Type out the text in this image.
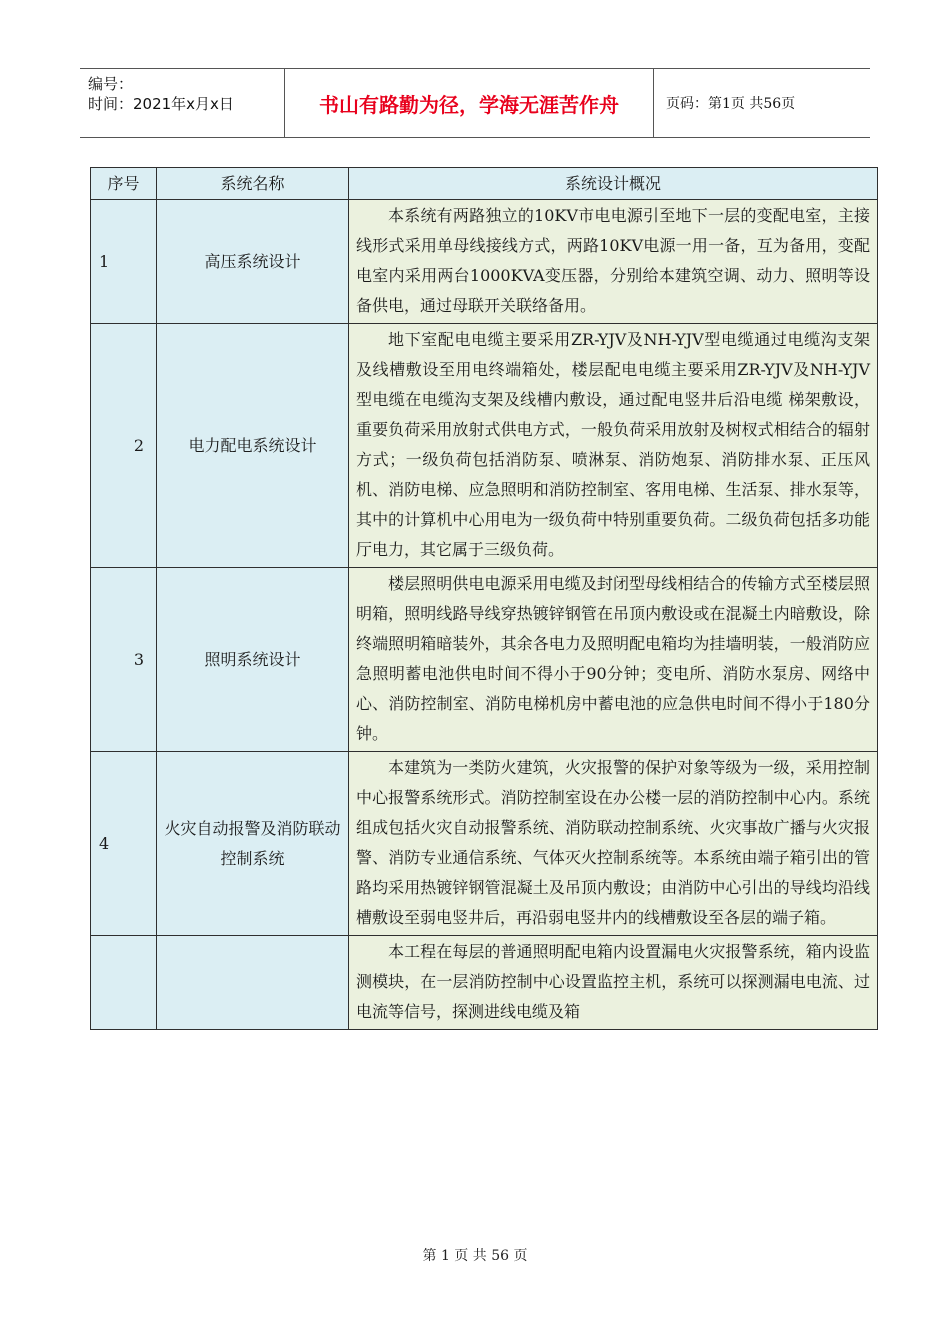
编号：
时间：2021年x月x日	书山有路勤为径，学海无涯苦作舟	页码：第1页 共56页
序号	系统名称	系统设计概况
1	高压系统设计	本系统有两路独立的10KV市电电源引至地下一层的变配电室，主接线形式采用单母线接线方式，两路10KV电源一用一备，互为备用，变配电室内采用两台1000KVA变压器，分别给本建筑空调、动力、照明等设备供电，通过母联开关联络备用。
2	电力配电系统设计	地下室配电电缆主要采用ZR-YJV及NH-YJV型电缆通过电缆沟支架及线槽敷设至用电终端箱处，楼层配电电缆主要采用ZR-YJV及NH-YJV型电缆在电缆沟支架及线槽内敷设，通过配电竖井后沿电缆 梯架敷设，重要负荷采用放射式供电方式，一般负荷采用放射及树杈式相结合的辐射方式；一级负荷包括消防泵、喷淋泵、消防炮泵、消防排水泵、正压风机、消防电梯、应急照明和消防控制室、客用电梯、生活泵、排水泵等，其中的计算机中心用电为一级负荷中特别重要负荷。二级负荷包括多功能厅电力，其它属于三级负荷。
3	照明系统设计	楼层照明供电电源采用电缆及封闭型母线相结合的传输方式至楼层照明箱，照明线路导线穿热镀锌钢管在吊顶内敷设或在混凝土内暗敷设，除终端照明箱暗装外，其余各电力及照明配电箱均为挂墙明装，一般消防应急照明蓄电池供电时间不得小于90分钟；变电所、消防水泵房、网络中心、消防控制室、消防电梯机房中蓄电池的应急供电时间不得小于180分钟。
4	火灾自动报警及消防联动控制系统	本建筑为一类防火建筑，火灾报警的保护对象等级为一级，采用控制中心报警系统形式。消防控制室设在办公楼一层的消防控制中心内。系统组成包括火灾自动报警系统、消防联动控制系统、火灾事故广播与火灾报警、消防专业通信系统、气体灭火控制系统等。本系统由端子箱引出的管路均采用热镀锌钢管混凝土及吊顶内敷设；由消防中心引出的导线均沿线槽敷设至弱电竖井后，再沿弱电竖井内的线槽敷设至各层的端子箱。
		本工程在每层的普通照明配电箱内设置漏电火灾报警系统，箱内设监测模块，在一层消防控制中心设置监控主机，系统可以探测漏电电流、过电流等信号，探测进线电缆及箱
第 1 页 共 56 页
